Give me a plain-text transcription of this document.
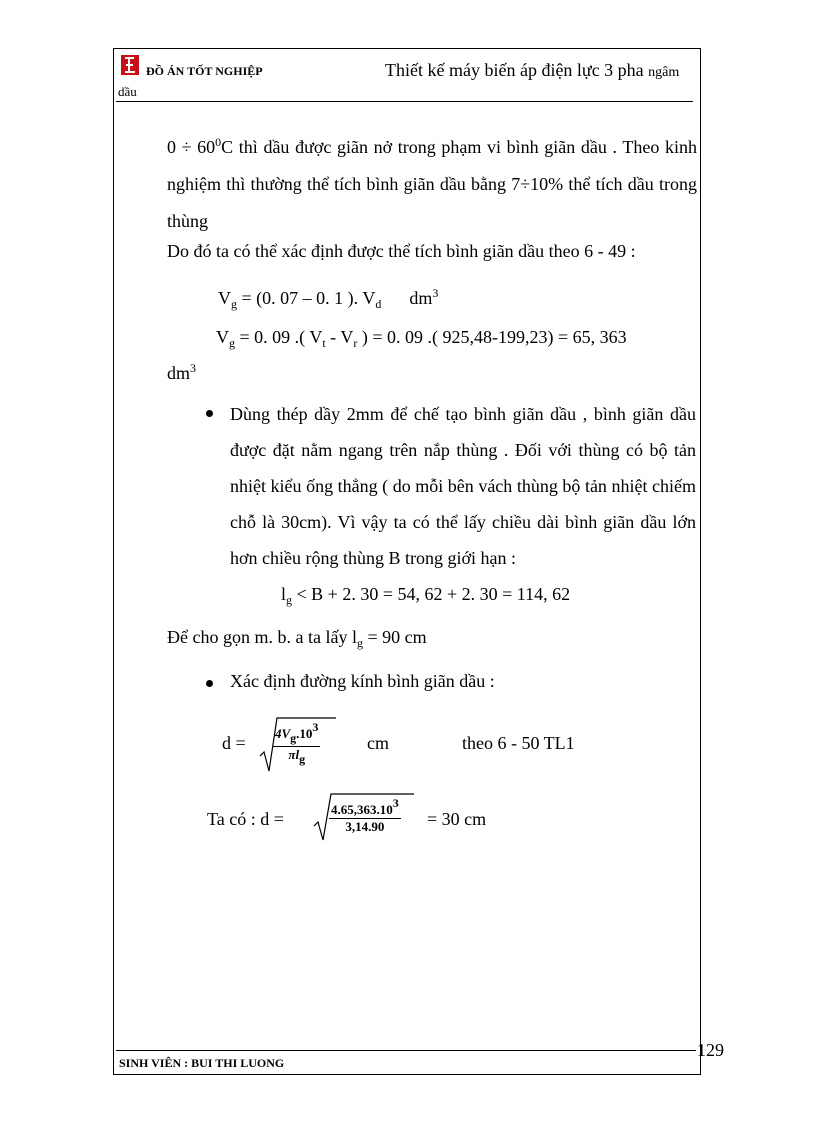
ĐỒ ÁN TỐT NGHIỆP	Thiết kế máy biến áp điện lực 3 pha ngâm
dầu
$0 \div 60^0C$ thì dầu được giãn nở trong phạm vi bình giãn dầu . Theo kinh nghiệm thì thường thể tích bình giãn dầu bằng 7÷10% thể tích dầu trong thùng
Do đó ta có thể xác định được thể tích bình giãn dầu theo 6 - 49 :
$V_g = (0$. 07 – 0. 1 ). $V_d$ $dm^3$
$V_g = 0$. 09 .( $V_t - V_r$ ) = 0. 09 .( 925,48-199,23) = 65, 363
$dm^3$
Dùng thép dầy 2mm để chế tạo bình giãn dầu , bình giãn dầu được đặt nằm ngang trên nắp thùng . Đối với thùng có bộ tản nhiệt kiểu ống thẳng ( do mỗi bên vách thùng bộ tản nhiệt chiếm chỗ là 30cm). Vì vậy ta có thể lấy chiều dài bình giãn dầu lớn hơn chiều rộng thùng B trong giới hạn :
$l_g < B + 2$. 30 = 54, 62 + 2. 30 = 114, 62
Để cho gọn m. b. a ta lấy $l_g = 90$ cm
Xác định đường kính bình giãn dầu :
$d = \frac{4V_g.10^3}{\pi l_g}$	cm	theo 6 - 50 TL1
Ta có : d =	$\frac{4.65,363.10^3}{3,14.90} = 30$ cm
129
SINH VIÊN : BUI THI LUONG
